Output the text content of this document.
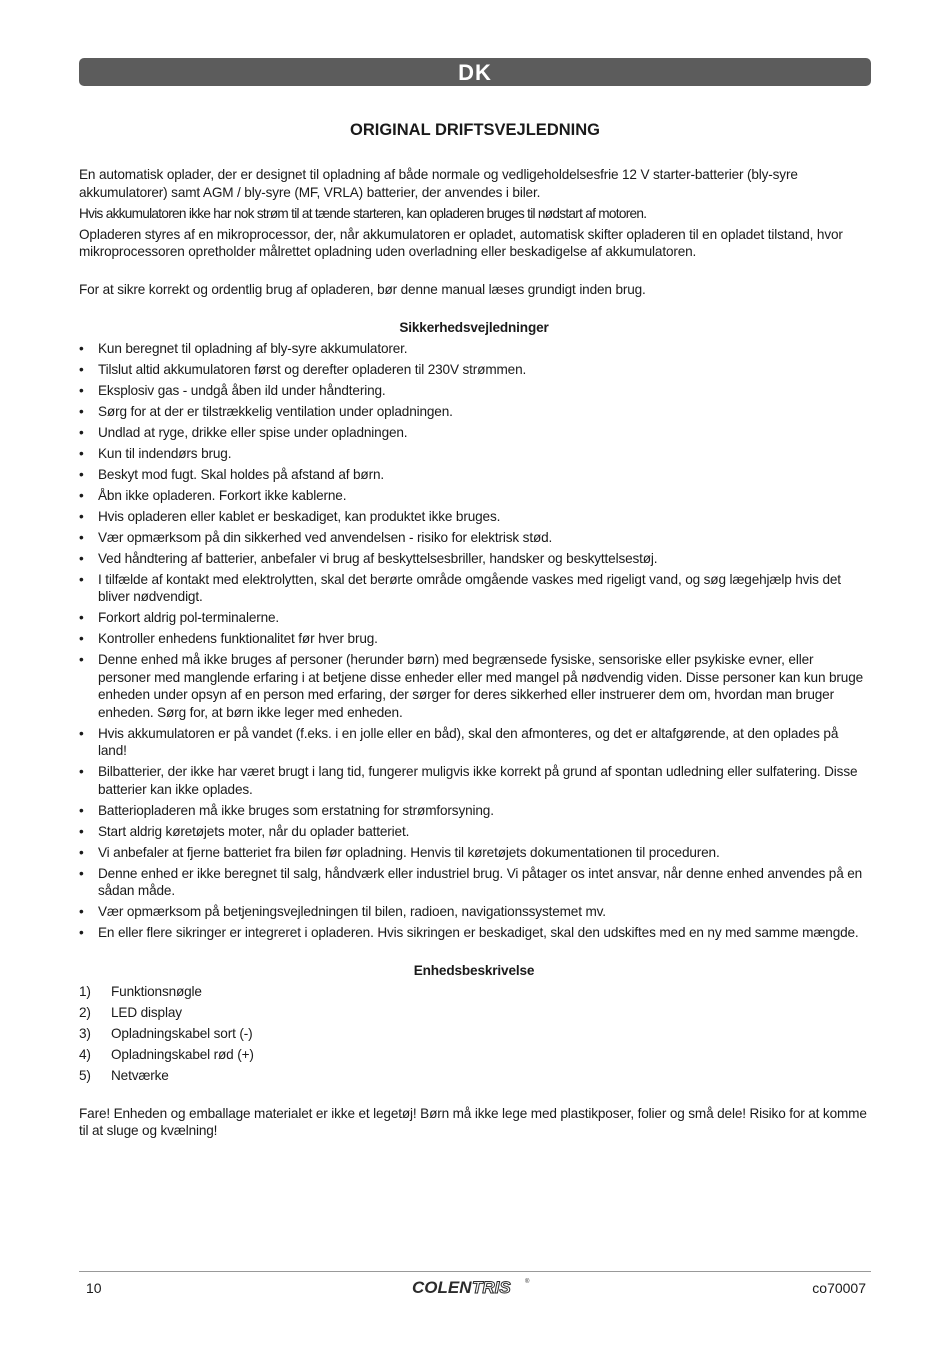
DK
ORIGINAL DRIFTSVEJLEDNING

En automatisk oplader, der er designet til opladning af både normale og vedligeholdelsesfrie 12 V starter-batterier (bly-syre akkumulatorer) samt AGM / bly-syre (MF, VRLA) batterier, der anvendes i biler.

Hvis akkumulatoren ikke har nok strøm til at tænde starteren, kan opladeren bruges til nødstart af motoren.

Opladeren styres af en mikroprocessor, der, når akkumulatoren er opladet, automatisk skifter opladeren til en opladet tilstand, hvor mikroprocessoren opretholder målrettet opladning uden overladning eller beskadigelse af akkumulatoren.

For at sikre korrekt og ordentlig brug af opladeren, bør denne manual læses grundigt inden brug.

Sikkerhedsvejledninger
• Kun beregnet til opladning af bly-syre akkumulatorer.
• Tilslut altid akkumulatoren først og derefter opladeren til 230V strømmen.
• Eksplosiv gas - undgå åben ild under håndtering.
• Sørg for at der er tilstrækkelig ventilation under opladningen.
• Undlad at ryge, drikke eller spise under opladningen.
• Kun til indendørs brug.
• Beskyt mod fugt. Skal holdes på afstand af børn.
• Åbn ikke opladeren. Forkort ikke kablerne.
• Hvis opladeren eller kablet er beskadiget, kan produktet ikke bruges.
• Vær opmærksom på din sikkerhed ved anvendelsen - risiko for elektrisk stød.
• Ved håndtering af batterier, anbefaler vi brug af beskyttelsesbriller, handsker og beskyttelsestøj.
• I tilfælde af kontakt med elektrolytten, skal det berørte område omgående vaskes med rigeligt vand, og søg lægehjælp hvis det bliver nødvendigt.
• Forkort aldrig pol-terminalerne.
• Kontroller enhedens funktionalitet før hver brug.
• Denne enhed må ikke bruges af personer (herunder børn) med begrænsede fysiske, sensoriske eller psykiske evner, eller personer med manglende erfaring i at betjene disse enheder eller med mangel på nødvendig viden. Disse personer kan kun bruge enheden under opsyn af en person med erfaring, der sørger for deres sikkerhed eller instruerer dem om, hvordan man bruger enheden. Sørg for, at børn ikke leger med enheden.
• Hvis akkumulatoren er på vandet (f.eks. i en jolle eller en båd), skal den afmonteres, og det er altafgørende, at den oplades på land!
• Bilbatterier, der ikke har været brugt i lang tid, fungerer muligvis ikke korrekt på grund af spontan udledning eller sulfatering. Disse batterier kan ikke oplades.
• Batteriopladeren må ikke bruges som erstatning for strømforsyning.
• Start aldrig køretøjets moter, når du oplader batteriet.
• Vi anbefaler at fjerne batteriet fra bilen før opladning. Henvis til køretøjets dokumentationen til proceduren.
• Denne enhed er ikke beregnet til salg, håndværk eller industriel brug. Vi påtager os intet ansvar, når denne enhed anvendes på en sådan måde.
• Vær opmærksom på betjeningsvejledningen til bilen, radioen, navigationssystemet mv.
• En eller flere sikringer er integreret i opladeren. Hvis sikringen er beskadiget, skal den udskiftes med en ny med samme mængde.
Enhedsbeskrivelse
1) Funktionsnøgle
2) LED display
3) Opladningskabel sort (-)
4) Opladningskabel rød (+)
5) Netværke

Fare! Enheden og emballage materialet er ikke et legetøj! Børn må ikke lege med plastikposer, folier og små dele! Risiko for at komme til at sluge og kvælning!

10	COLEN TRIS ®	co70007
